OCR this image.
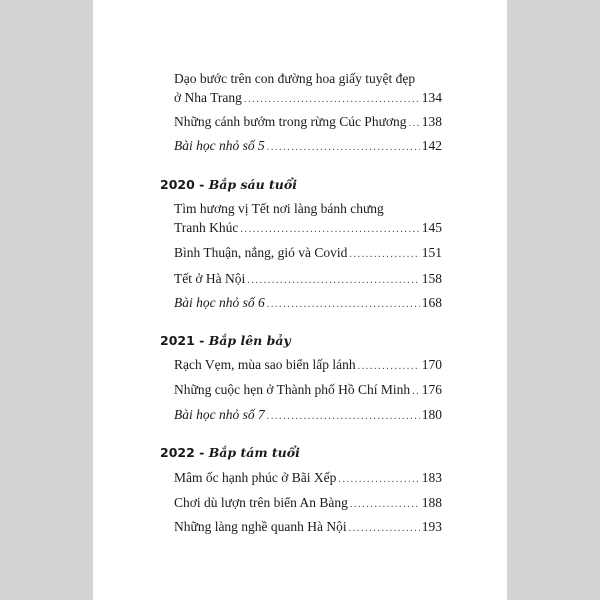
Dạo bước trên con đường hoa giấy tuyệt đẹp
ở Nha Trang .....	134
Những cánh bướm trong rừng Cúc Phương ..... 138
Bài học nhỏ số 5 .....	142
2020 - Bắp sáu tuổi
Tìm hương vị Tết nơi làng bánh chưng
Tranh Khúc .....	145
Bình Thuận, nắng, gió và Covid .....	151
Tết ở Hà Nội .....	158
Bài học nhỏ số 6 .....	168
2021 - Bắp lên bảy
Rạch Vẹm, mùa sao biển lấp lánh .....	170
Những cuộc hẹn ở Thành phố Hồ Chí Minh ..... 176
Bài học nhỏ số 7 .....	180
2022 - Bắp tám tuổi
Mâm ốc hạnh phúc ở Bãi Xếp .....	183
Chơi dù lượn trên biển An Bàng .....	188
Những làng nghề quanh Hà Nội .....	193
